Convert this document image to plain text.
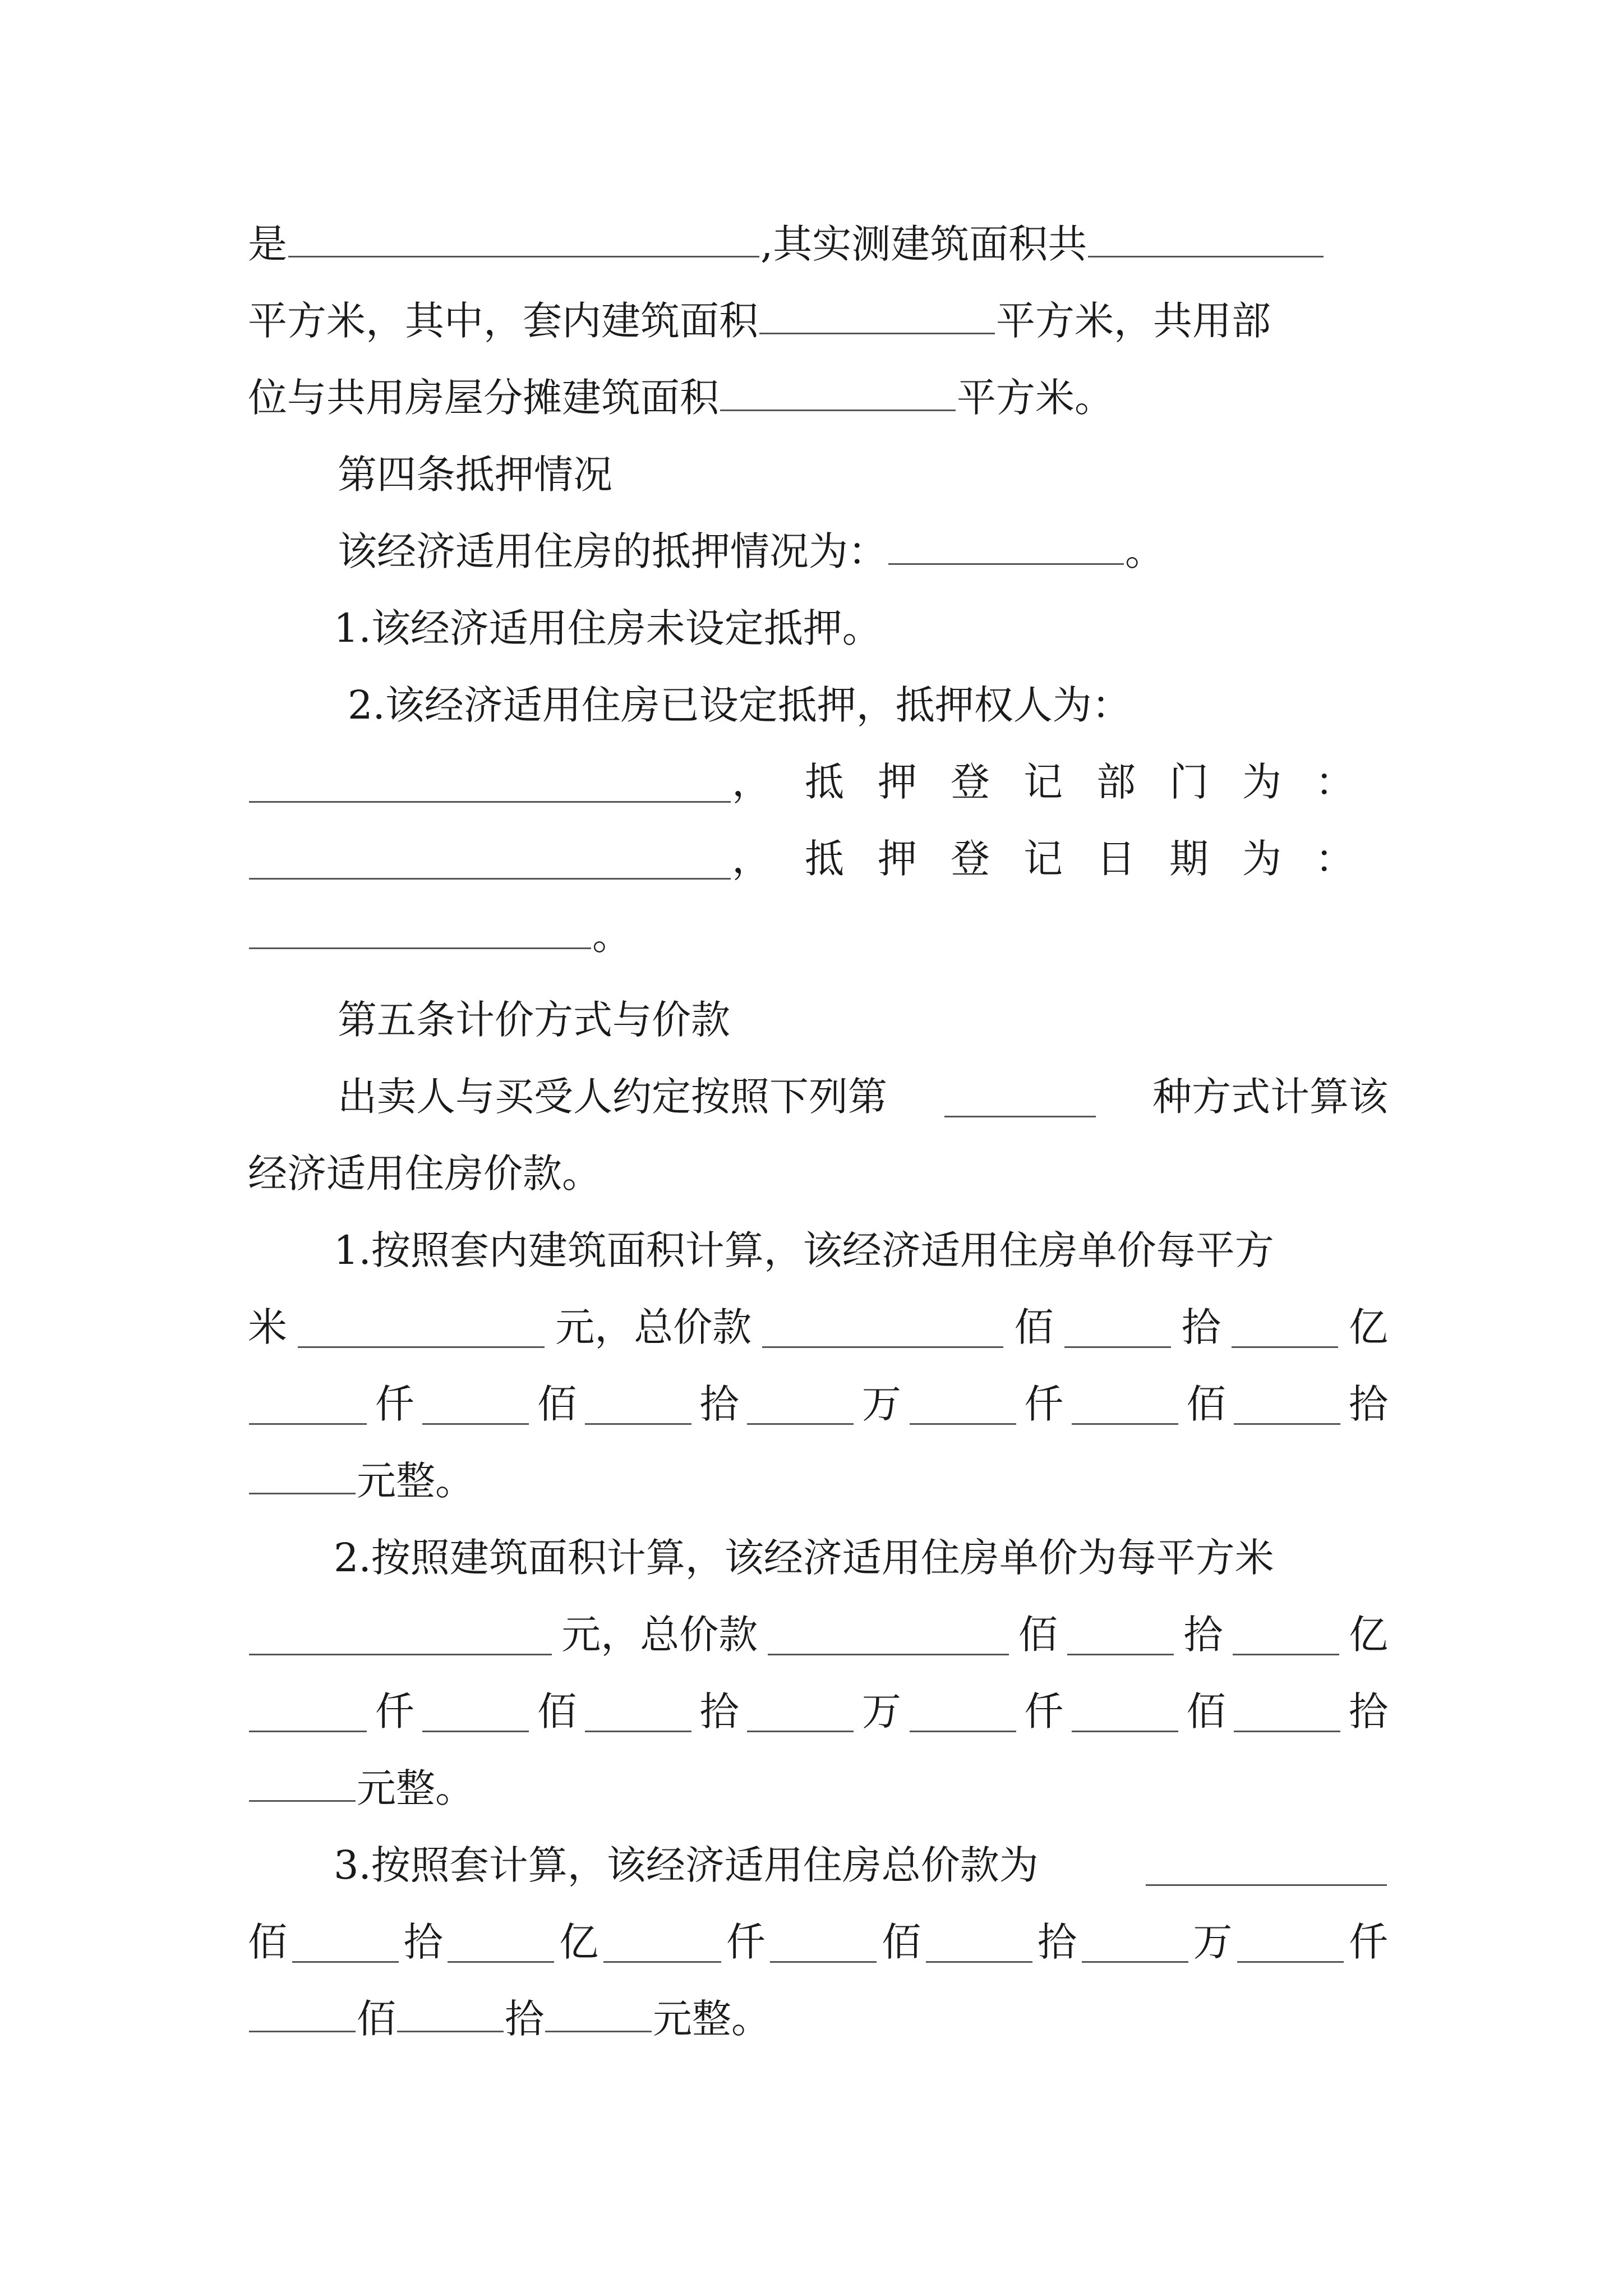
是	,其实测建筑面积共
平方米，其中，套内建筑面积	平方米，共用部
位与共用房屋分摊建筑面积	平方米。
第四条抵押情况
该经济适用住房的抵押情况为：	。
1.该经济适用住房未设定抵押。
2.该经济适用住房已设定抵押，抵押权人为：
，抵押登记部门为：
，抵押登记日期为：
。
第五条计价方式与价款
出卖人与买受人约定按照下列第	种方式计算该
经济适用住房价款。
1.按照套内建筑面积计算，该经济适用住房单价每平方
米	元，总价款	佰	拾	亿
仟	佰	拾	万	仟	佰	拾
元整。
2.按照建筑面积计算，该经济适用住房单价为每平方米
元，总价款	佰	拾	亿
仟	佰	拾	万	仟	佰	拾
元整。
3.按照套计算，该经济适用住房总价款为
佰	拾	亿	仟	佰	拾	万	仟
佰	拾	元整。
